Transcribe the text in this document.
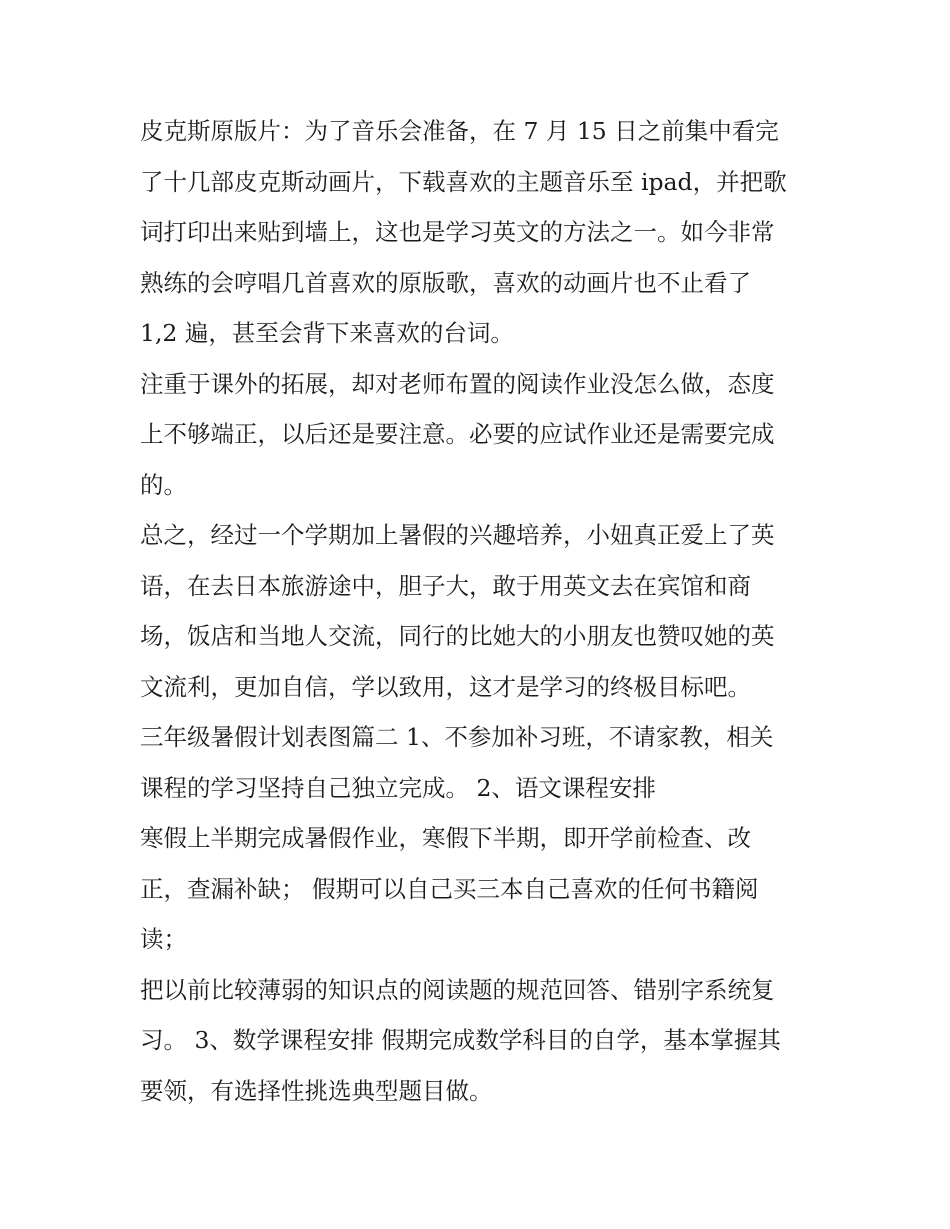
皮克斯原版片：为了音乐会准备，在 7 月 15 日之前集中看完
了十几部皮克斯动画片，下载喜欢的主题音乐至 ipad，并把歌
词打印出来贴到墙上，这也是学习英文的方法之一。如今非常
熟练的会哼唱几首喜欢的原版歌，喜欢的动画片也不止看了
1,2 遍，甚至会背下来喜欢的台词。
注重于课外的拓展，却对老师布置的阅读作业没怎么做，态度
上不够端正，以后还是要注意。必要的应试作业还是需要完成
的。
总之，经过一个学期加上暑假的兴趣培养，小妞真正爱上了英
语，在去日本旅游途中，胆子大，敢于用英文去在宾馆和商
场，饭店和当地人交流，同行的比她大的小朋友也赞叹她的英
文流利，更加自信，学以致用，这才是学习的终极目标吧。
三年级暑假计划表图篇二 1、不参加补习班，不请家教，相关
课程的学习坚持自己独立完成。 2、语文课程安排
寒假上半期完成暑假作业，寒假下半期，即开学前检查、改
正，查漏补缺； 假期可以自己买三本自己喜欢的任何书籍阅
读；
把以前比较薄弱的知识点的阅读题的规范回答、错别字系统复
习。 3、数学课程安排 假期完成数学科目的自学，基本掌握其
要领，有选择性挑选典型题目做。
